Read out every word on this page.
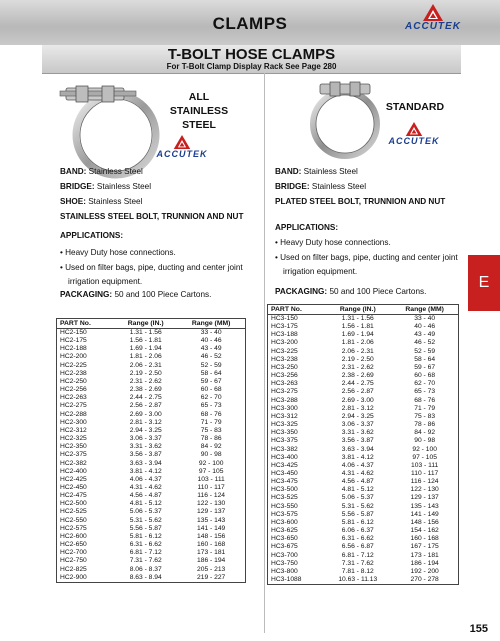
CLAMPS	ACCUTEK
T-BOLT HOSE CLAMPS
For T-Bolt Clamp Display Rack See Page 280
E
ALL
STAINLESS
STEEL
ACCUTEK
STANDARD
ACCUTEK
BAND: Stainless Steel
BRIDGE: Stainless Steel
SHOE: Stainless Steel
STAINLESS STEEL BOLT, TRUNNION AND NUT
APPLICATIONS:
• Heavy Duty hose connections.
• Used on filter bags, pipe, ducting and center joint irrigation equipment.
PACKAGING: 50 and 100 Piece Cartons.
BAND: Stainless Steel
BRIDGE: Stainless Steel
PLATED STEEL BOLT, TRUNNION AND NUT
APPLICATIONS:
• Heavy Duty hose connections.
• Used on filter bags, pipe, ducting and center joint irrigation equipment.
PACKAGING: 50 and 100 Piece Cartons.
PART No.	Range (IN.)	Range (MM)
HC2-150	1.31 - 1.56	33 - 40
HC2-175	1.56 - 1.81	40 - 46
HC2-188	1.69 - 1.94	43 - 49
HC2-200	1.81 - 2.06	46 - 52
HC2-225	2.06 - 2.31	52 - 59
HC2-238	2.19 - 2.50	58 - 64
HC2-250	2.31 - 2.62	59 - 67
HC2-256	2.38 - 2.69	60 - 68
HC2-263	2.44 - 2.75	62 - 70
HC2-275	2.56 - 2.87	65 - 73
HC2-288	2.69 - 3.00	68 - 76
HC2-300	2.81 - 3.12	71 - 79
HC2-312	2.94 - 3.25	75 - 83
HC2-325	3.06 - 3.37	78 - 86
HC2-350	3.31 - 3.62	84 - 92
HC2-375	3.56 - 3.87	90 - 98
HC2-382	3.63 - 3.94	92 - 100
HC2-400	3.81 - 4.12	97 - 105
HC2-425	4.06 - 4.37	103 - 111
HC2-450	4.31 - 4.62	110 - 117
HC2-475	4.56 - 4.87	116 - 124
HC2-500	4.81 - 5.12	122 - 130
HC2-525	5.06 - 5.37	129 - 137
HC2-550	5.31 - 5.62	135 - 143
HC2-575	5.56 - 5.87	141 - 149
HC2-600	5.81 - 6.12	148 - 156
HC2-650	6.31 - 6.62	160 - 168
HC2-700	6.81 - 7.12	173 - 181
HC2-750	7.31 - 7.62	186 - 194
HC2-825	8.06 - 8.37	205 - 213
HC2-900	8.63 - 8.94	219 - 227
PART No.	Range (IN.)	Range (MM)
HC3-150	1.31 - 1.56	33 - 40
HC3-175	1.56 - 1.81	40 - 46
HC3-188	1.69 - 1.94	43 - 49
HC3-200	1.81 - 2.06	46 - 52
HC3-225	2.06 - 2.31	52 - 59
HC3-238	2.19 - 2.50	58 - 64
HC3-250	2.31 - 2.62	59 - 67
HC3-256	2.38 - 2.69	60 - 68
HC3-263	2.44 - 2.75	62 - 70
HC3-275	2.56 - 2.87	65 - 73
HC3-288	2.69 - 3.00	68 - 76
HC3-300	2.81 - 3.12	71 - 79
HC3-312	2.94 - 3.25	75 - 83
HC3-325	3.06 - 3.37	78 - 86
HC3-350	3.31 - 3.62	84 - 92
HC3-375	3.56 - 3.87	90 - 98
HC3-382	3.63 - 3.94	92 - 100
HC3-400	3.81 - 4.12	97 - 105
HC3-425	4.06 - 4.37	103 - 111
HC3-450	4.31 - 4.62	110 - 117
HC3-475	4.56 - 4.87	116 - 124
HC3-500	4.81 - 5.12	122 - 130
HC3-525	5.06 - 5.37	129 - 137
HC3-550	5.31 - 5.62	135 - 143
HC3-575	5.56 - 5.87	141 - 149
HC3-600	5.81 - 6.12	148 - 156
HC3-625	6.06 - 6.37	154 - 162
HC3-650	6.31 - 6.62	160 - 168
HC3-675	6.56 - 6.87	167 - 175
HC3-700	6.81 - 7.12	173 - 181
HC3-750	7.31 - 7.62	186 - 194
HC3-800	7.81 - 8.12	192 - 200
HC3-1088	10.63 - 11.13	270 - 278
155
